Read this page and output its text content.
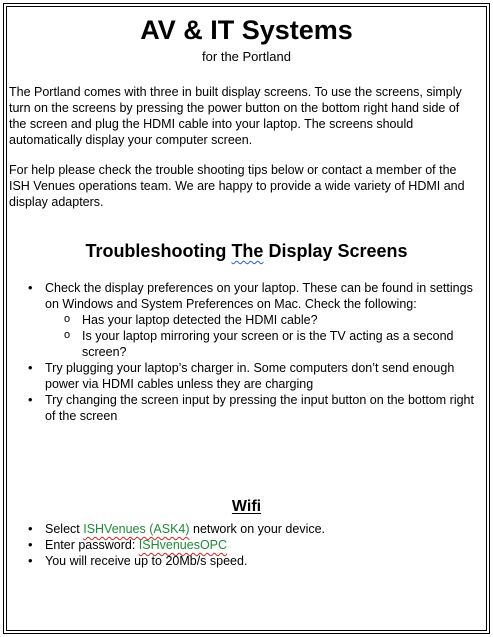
AV & IT Systems
for the Portland

The Portland comes with three in built display screens. To use the screens, simply turn on the screens by pressing the power button on the bottom right hand side of the screen and plug the HDMI cable into your laptop. The screens should automatically display your computer screen.

For help please check the trouble shooting tips below or contact a member of the ISH Venues operations team. We are happy to provide a wide variety of HDMI and display adapters.

Troubleshooting The Display Screens
• Check the display preferences on your laptop. These can be found in settings on Windows and System Preferences on Mac. Check the following:
o Has your laptop detected the HDMI cable?
o Is your laptop mirroring your screen or is the TV acting as a second screen?
• Try plugging your laptop’s charger in. Some computers don’t send enough power via HDMI cables unless they are charging
• Try changing the screen input by pressing the input button on the bottom right of the screen
Wifi
• Select ISHVenues (ASK4) network on your device.
• Enter password: ISHvenuesOPC
• You will receive up to 20Mb/s speed.
